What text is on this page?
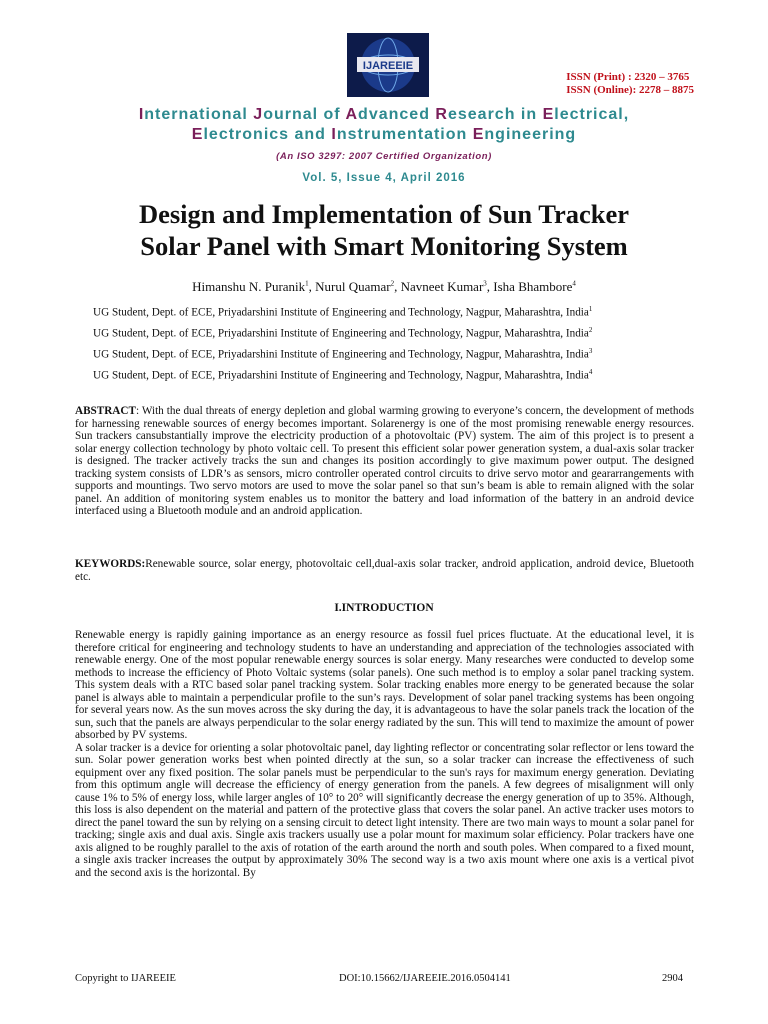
IJAREEIE
ISSN (Print) : 2320 – 3765
ISSN (Online): 2278 – 8875
International Journal of Advanced Research in Electrical,
Electronics and Instrumentation Engineering
(An ISO 3297: 2007 Certified Organization)
Vol. 5, Issue 4, April 2016
Design and Implementation of Sun Tracker
Solar Panel with Smart Monitoring System
Himanshu N. Puranik$^1$, Nurul Quamar$^2$, Navneet Kumar$^3$, Isha Bhambore$^4$
UG Student, Dept. of ECE, Priyadarshini Institute of Engineering and Technology, Nagpur, Maharashtra, India$^1$
UG Student, Dept. of ECE, Priyadarshini Institute of Engineering and Technology, Nagpur, Maharashtra, India$^2$
UG Student, Dept. of ECE, Priyadarshini Institute of Engineering and Technology, Nagpur, Maharashtra, India$^3$
UG Student, Dept. of ECE, Priyadarshini Institute of Engineering and Technology, Nagpur, Maharashtra, India$^4$
ABSTRACT: With the dual threats of energy depletion and global warming growing to everyone’s concern, the development of methods for harnessing renewable sources of energy becomes important. Solarenergy is one of the most promising renewable energy resources. Sun trackers cansubstantially improve the electricity production of a photovoltaic (PV) system. The aim of this project is to present a solar energy collection technology by photo voltaic cell. To present this efficient solar power generation system, a dual-axis solar tracker is designed. The tracker actively tracks the sun and changes its position accordingly to give maximum power output. The designed tracking system consists of LDR’s as sensors, micro controller operated control circuits to drive servo motor and geararrangements with supports and mountings. Two servo motors are used to move the solar panel so that sun’s beam is able to remain aligned with the solar panel. An addition of monitoring system enables us to monitor the battery and load information of the battery in an android device interfaced using a Bluetooth module and an android application.
KEYWORDS:Renewable source, solar energy, photovoltaic cell,dual-axis solar tracker, android application, android device, Bluetooth etc.
I.INTRODUCTION

Renewable energy is rapidly gaining importance as an energy resource as fossil fuel prices fluctuate. At the educational level, it is therefore critical for engineering and technology students to have an understanding and appreciation of the technologies associated with renewable energy. One of the most popular renewable energy sources is solar energy. Many researches were conducted to develop some methods to increase the efficiency of Photo Voltaic systems (solar panels). One such method is to employ a solar panel tracking system. This system deals with a RTC based solar panel tracking system. Solar tracking enables more energy to be generated because the solar panel is always able to maintain a perpendicular profile to the sun’s rays. Development of solar panel tracking systems has been ongoing for several years now. As the sun moves across the sky during the day, it is advantageous to have the solar panels track the location of the sun, such that the panels are always perpendicular to the solar energy radiated by the sun. This will tend to maximize the amount of power absorbed by PV systems.

A solar tracker is a device for orienting a solar photovoltaic panel, day lighting reflector or concentrating solar reflector or lens toward the sun. Solar power generation works best when pointed directly at the sun, so a solar tracker can increase the effectiveness of such equipment over any fixed position. The solar panels must be perpendicular to the sun's rays for maximum energy generation. Deviating from this optimum angle will decrease the efficiency of energy generation from the panels. A few degrees of misalignment will only cause 1% to 5% of energy loss, while larger angles of 10° to 20° will significantly decrease the energy generation of up to 35%. Although, this loss is also dependent on the material and pattern of the protective glass that covers the solar panel. An active tracker uses motors to direct the panel toward the sun by relying on a sensing circuit to detect light intensity. There are two main ways to mount a solar panel for tracking; single axis and dual axis. Single axis trackers usually use a polar mount for maximum solar efficiency. Polar trackers have one axis aligned to be roughly parallel to the axis of rotation of the earth around the north and south poles. When compared to a fixed mount, a single axis tracker increases the output by approximately 30% The second way is a two axis mount where one axis is a vertical pivot and the second axis is the horizontal. By

Copyright to IJAREEIE	DOI:10.15662/IJAREEIE.2016.0504141	2904
